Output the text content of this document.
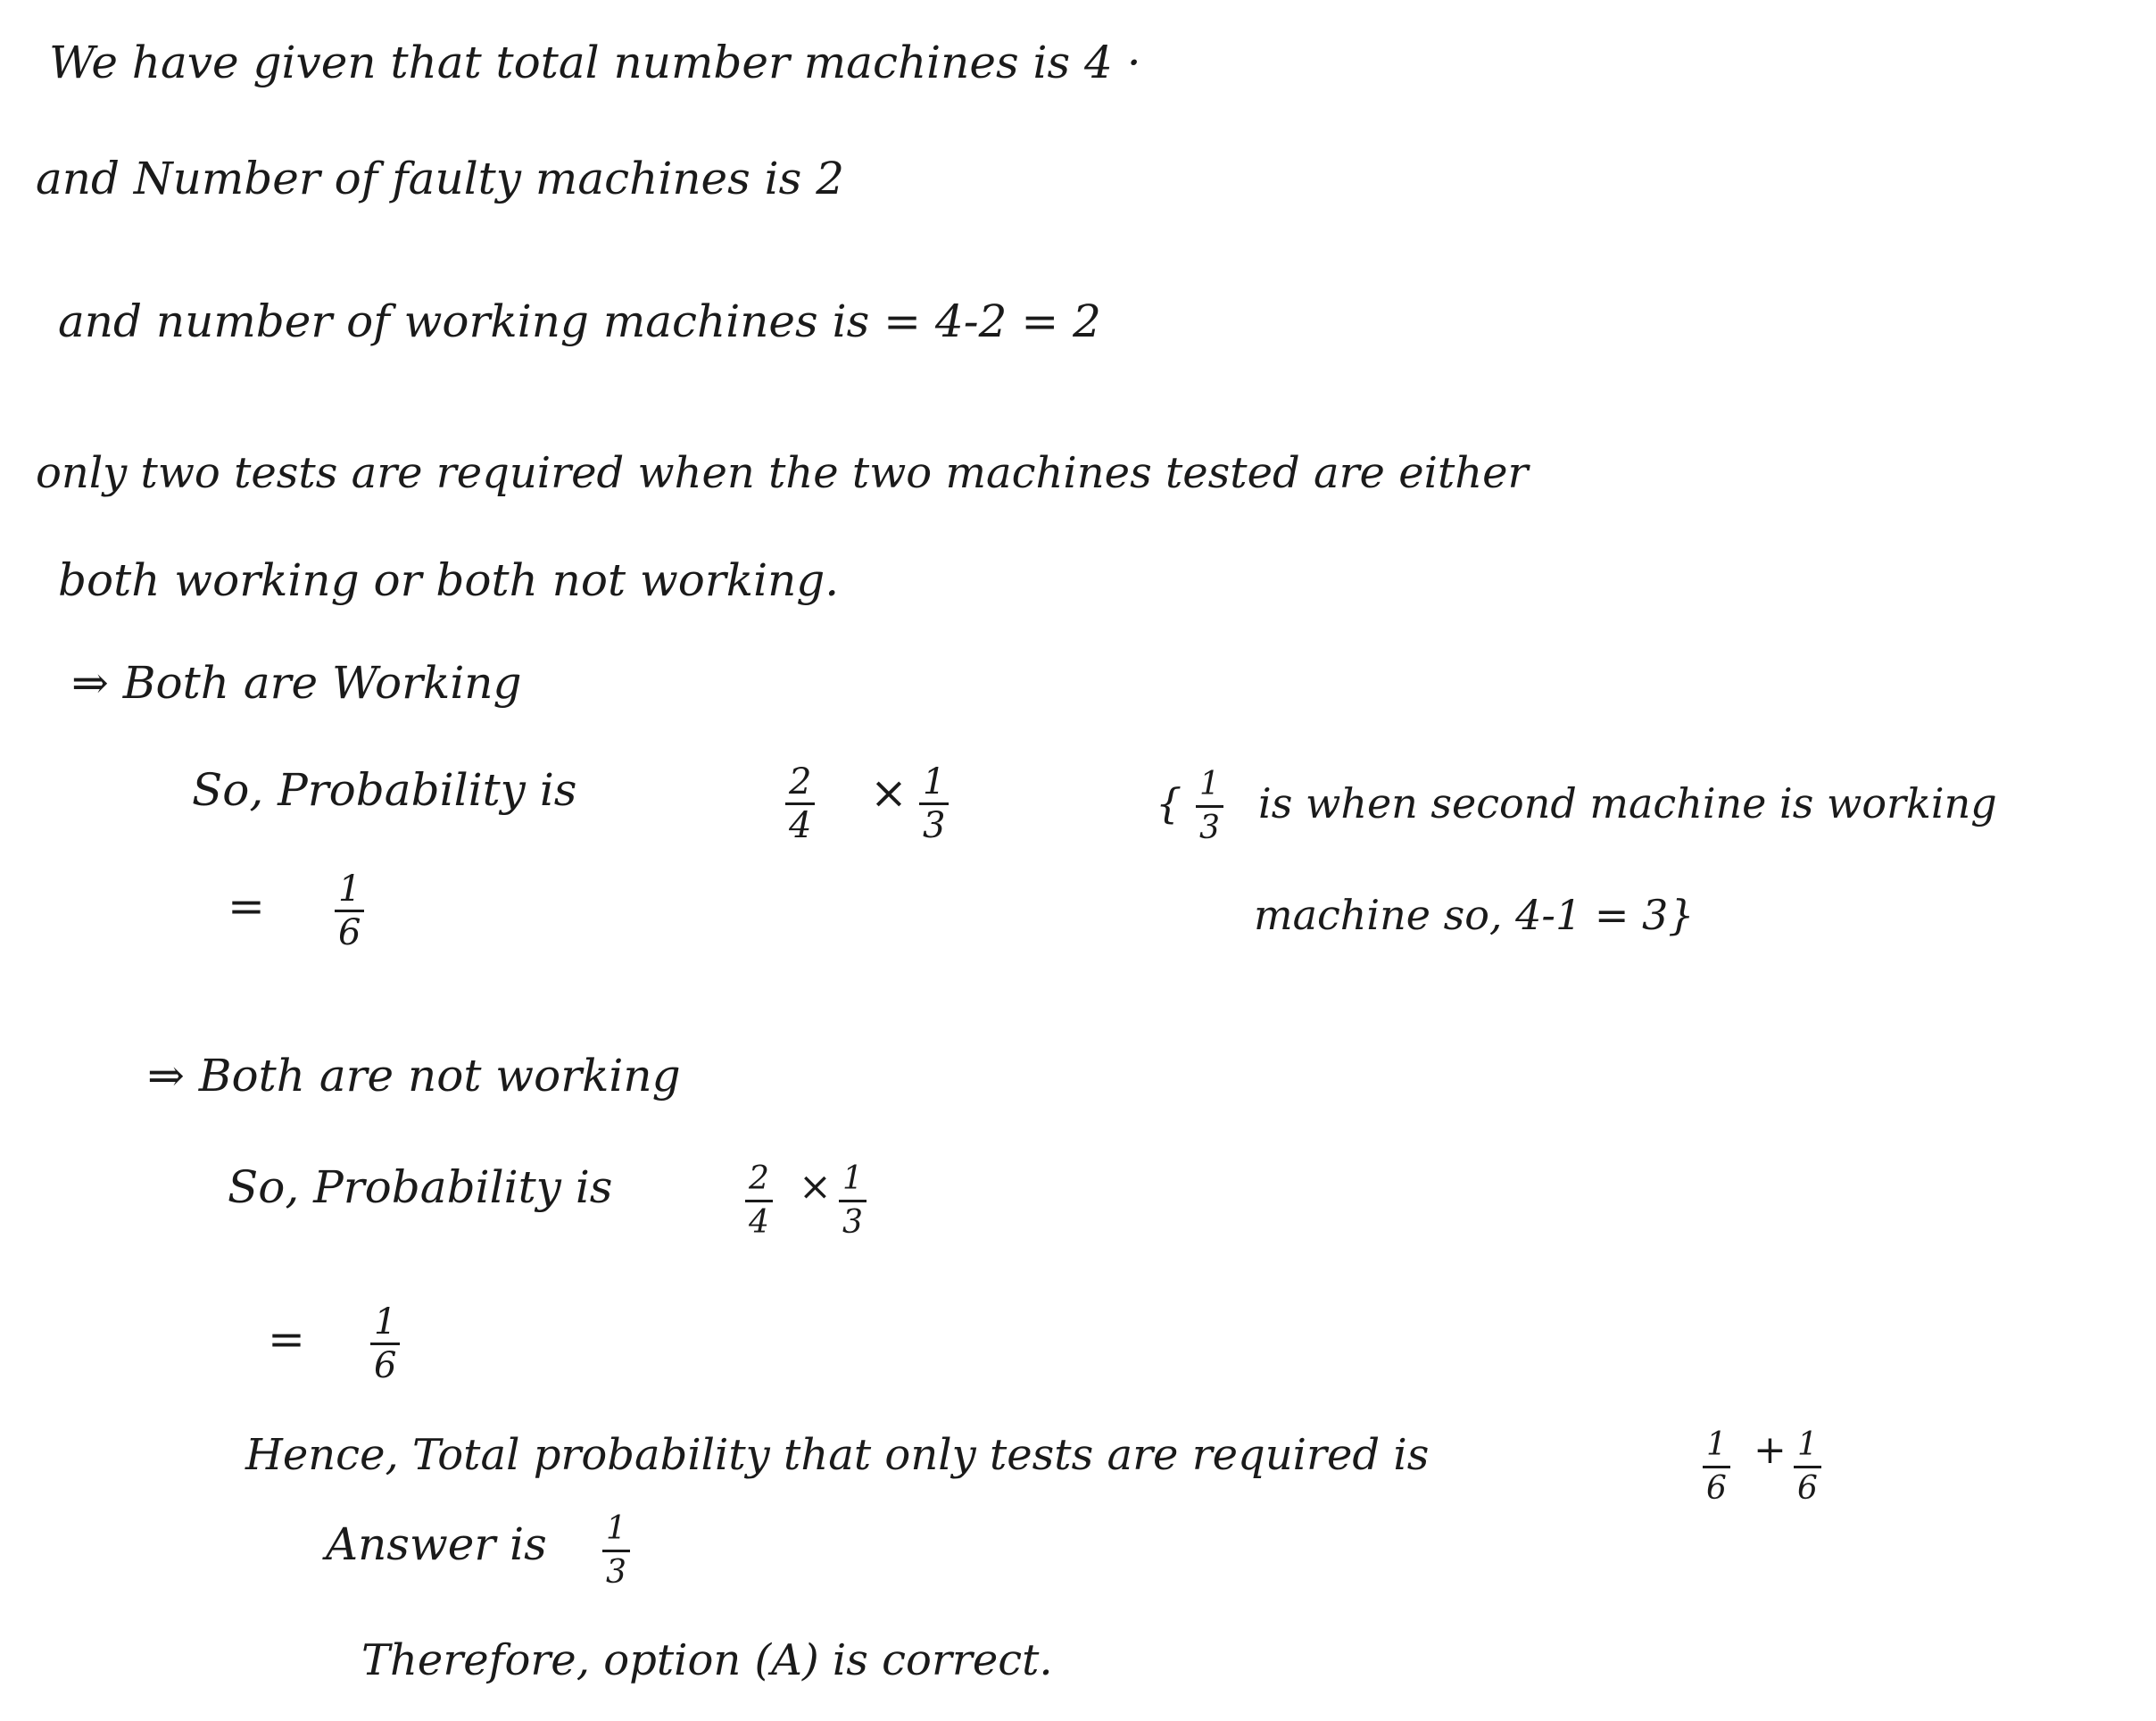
We have given that total number machines is 4 ·
and Number of faulty machines is 2
and number of working machines is = 4-2 = 2
only two tests are required when the two machines tested are either
both working or both not working.
⇒ Both are Working
So, Probability is	$\frac{2}{4} \times \frac{1}{3}$
= $\frac{1}{6}$
{ $\frac{1}{3}$ is when second machine is working
machine so, 4-1 = 3}
⇒ Both are not working
So, Probability is	$\frac{2}{4} \times \frac{1}{3}$
= $\frac{1}{6}$
Hence, Total probability that only tests are required is	$\frac{1}{6} + \frac{1}{6}$
Answer is $\frac{1}{3}$
Therefore, option (A) is correct.
